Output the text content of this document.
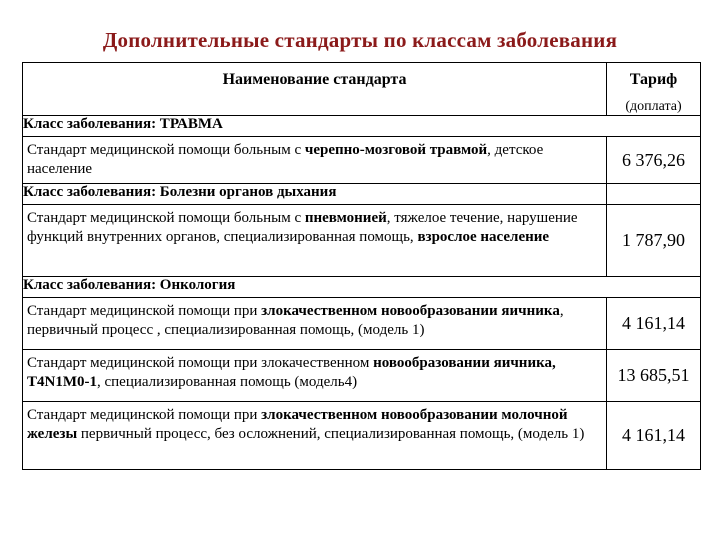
Дополнительные стандарты по классам заболевания
Наименование стандарта	Тариф
(доплата)

Класс заболевания: ТРАВМА	
Стандарт медицинской помощи больным с черепно-мозговой травмой, детское население	6 376,26
Класс заболевания: Болезни органов дыхания	
Стандарт медицинской помощи больным с пневмонией, тяжелое течение, нарушение функций внутренних органов, специализированная помощь, взрослое население	1 787,90
Класс заболевания: Онкология	
Стандарт медицинской помощи при злокачественном новообразовании яичника, первичный процесс , специализированная помощь, (модель 1)	4 161,14
Стандарт медицинской помощи при злокачественном новообразовании яичника, Т4N1M0-1, специализированная помощь (модель4)	13 685,51
Стандарт медицинской помощи при злокачественном новообразовании молочной железы первичный процесс, без осложнений, специализированная помощь, (модель 1)	4 161,14
